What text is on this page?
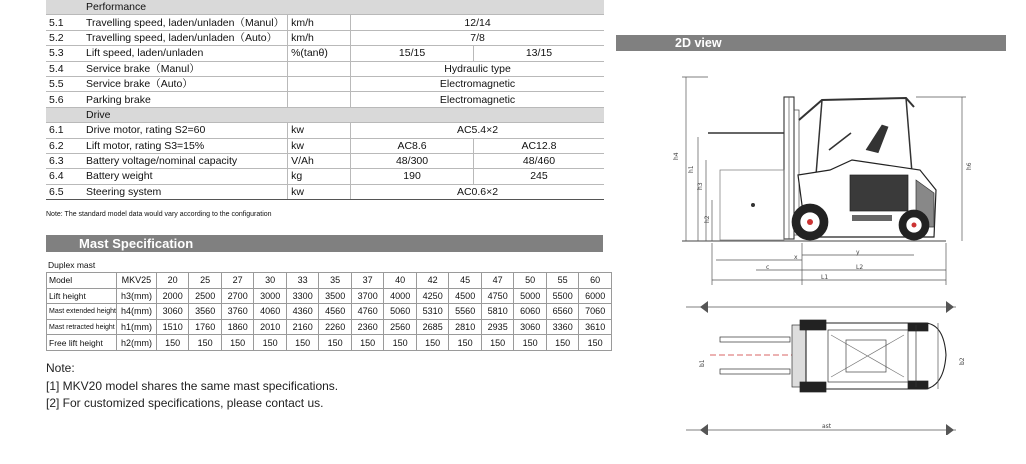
	Performance			
5.1	Travelling speed, laden/unladen（Manul）	km/h	12/14	
5.2	Travelling speed, laden/unladen（Auto）	km/h	7/8	
5.3	Lift speed, laden/unladen	%(tanθ)	15/15	13/15
5.4	Service brake（Manul）		Hydraulic type	
5.5	Service brake（Auto）		Electromagnetic	
5.6	Parking brake		Electromagnetic	
	Drive			
6.1	Drive motor, rating S2=60	kw	AC5.4×2	
6.2	Lift motor, rating S3=15%	kw	AC8.6	AC12.8
6.3	Battery voltage/nominal capacity	V/Ah	48/300	48/460
6.4	Battery weight	kg	190	245
6.5	Steering system	kw	AC0.6×2	
Note: The standard model data would vary according to the configuration
Mast Specification
Duplex mast
Model	MKV25	20	25	27	30	33	35	37	40	42	45	47	50	55	60
Lift height	h3(mm)	2000	2500	2700	3000	3300	3500	3700	4000	4250	4500	4750	5000	5500	6000
Mast extended height	h4(mm)	3060	3560	3760	4060	4360	4560	4760	5060	5310	5560	5810	6060	6560	7060
Mast retracted height	h1(mm)	1510	1760	1860	2010	2160	2260	2360	2560	2685	2810	2935	3060	3360	3610
Free lift height	h2(mm)	150	150	150	150	150	150	150	150	150	150	150	150	150	150
Note:
[1] MKV20 model shares the same mast specifications.
[2] For customized specifications, please contact us.
2D view
h4
h1
h3
h2
h6
x
y
c	L2
L1
b1	b2
ast
